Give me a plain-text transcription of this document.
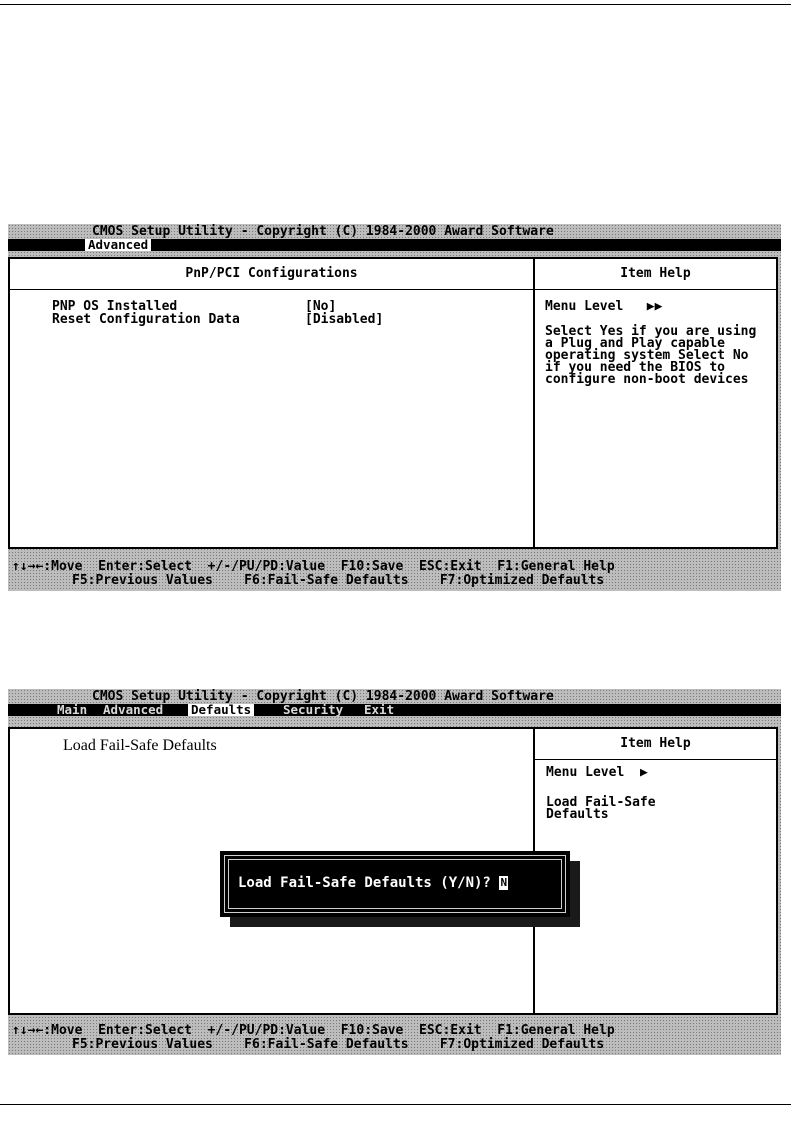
CMOS Setup Utility - Copyright (C) 1984-2000 Award Software
Advanced
PnP/PCI Configurations
PNP OS Installed	[No]
Reset Configuration Data	[Disabled]
Item Help
Menu Level ▶▶
Select Yes if you are using a Plug and Play capable operating system Select No if you need the BIOS to configure non-boot devices
↑↓→←:Move  Enter:Select  +/-/PU/PD:Value  F10:Save  ESC:Exit  F1:General Help
F5:Previous Values    F6:Fail-Safe Defaults    F7:Optimized Defaults
CMOS Setup Utility - Copyright (C) 1984-2000 Award Software
Main Advanced Defaults	Security Exit
Load Fail-Safe Defaults	Item Help
Menu Level ▶
Load Fail-Safe Defaults
Load Fail-Safe Defaults (Y/N)? N
↑↓→←:Move  Enter:Select  +/-/PU/PD:Value  F10:Save  ESC:Exit  F1:General Help
F5:Previous Values    F6:Fail-Safe Defaults    F7:Optimized Defaults
